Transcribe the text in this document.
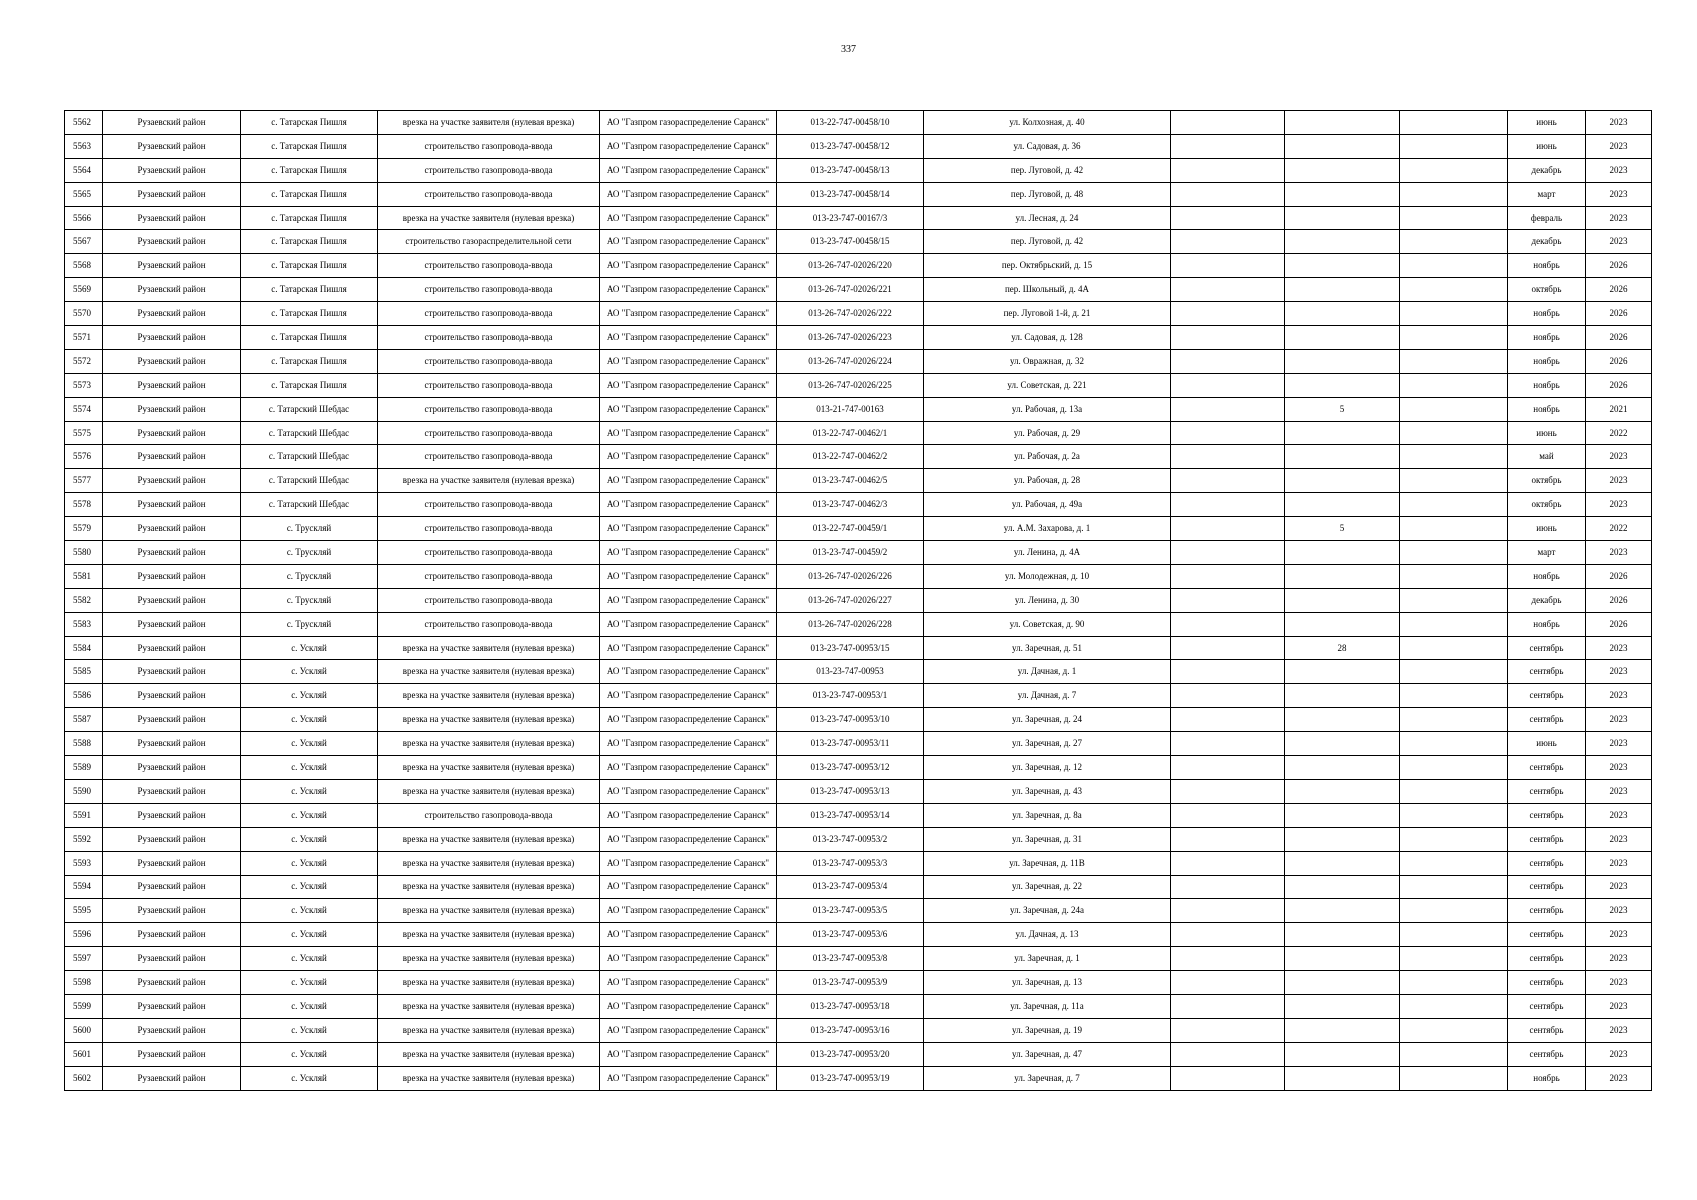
337
5562	Рузаевский район	с. Татарская Пишля	врезка на участке заявителя (нулевая врезка)	АО "Газпром газораспределение Саранск"	013-22-747-00458/10	ул. Колхозная, д. 40				июнь	2023
5563	Рузаевский район	с. Татарская Пишля	строительство газопровода-ввода	АО "Газпром газораспределение Саранск"	013-23-747-00458/12	ул. Садовая, д. 36				июнь	2023
5564	Рузаевский район	с. Татарская Пишля	строительство газопровода-ввода	АО "Газпром газораспределение Саранск"	013-23-747-00458/13	пер. Луговой, д. 42				декабрь	2023
5565	Рузаевский район	с. Татарская Пишля	строительство газопровода-ввода	АО "Газпром газораспределение Саранск"	013-23-747-00458/14	пер. Луговой, д. 48				март	2023
5566	Рузаевский район	с. Татарская Пишля	врезка на участке заявителя (нулевая врезка)	АО "Газпром газораспределение Саранск"	013-23-747-00167/3	ул. Лесная, д. 24				февраль	2023
5567	Рузаевский район	с. Татарская Пишля	строительство газораспределительной сети	АО "Газпром газораспределение Саранск"	013-23-747-00458/15	пер. Луговой, д. 42				декабрь	2023
5568	Рузаевский район	с. Татарская Пишля	строительство газопровода-ввода	АО "Газпром газораспределение Саранск"	013-26-747-02026/220	пер. Октябрьский, д. 15				ноябрь	2026
5569	Рузаевский район	с. Татарская Пишля	строительство газопровода-ввода	АО "Газпром газораспределение Саранск"	013-26-747-02026/221	пер. Школьный, д. 4А				октябрь	2026
5570	Рузаевский район	с. Татарская Пишля	строительство газопровода-ввода	АО "Газпром газораспределение Саранск"	013-26-747-02026/222	пер. Луговой 1-й, д. 21				ноябрь	2026
5571	Рузаевский район	с. Татарская Пишля	строительство газопровода-ввода	АО "Газпром газораспределение Саранск"	013-26-747-02026/223	ул. Садовая, д. 128				ноябрь	2026
5572	Рузаевский район	с. Татарская Пишля	строительство газопровода-ввода	АО "Газпром газораспределение Саранск"	013-26-747-02026/224	ул. Овражная, д. 32				ноябрь	2026
5573	Рузаевский район	с. Татарская Пишля	строительство газопровода-ввода	АО "Газпром газораспределение Саранск"	013-26-747-02026/225	ул. Советская, д. 221				ноябрь	2026
5574	Рузаевский район	с. Татарский Шебдас	строительство газопровода-ввода	АО "Газпром газораспределение Саранск"	013-21-747-00163	ул. Рабочая, д. 13а		5		ноябрь	2021
5575	Рузаевский район	с. Татарский Шебдас	строительство газопровода-ввода	АО "Газпром газораспределение Саранск"	013-22-747-00462/1	ул. Рабочая, д. 29				июнь	2022
5576	Рузаевский район	с. Татарский Шебдас	строительство газопровода-ввода	АО "Газпром газораспределение Саранск"	013-22-747-00462/2	ул. Рабочая, д. 2а				май	2023
5577	Рузаевский район	с. Татарский Шебдас	врезка на участке заявителя (нулевая врезка)	АО "Газпром газораспределение Саранск"	013-23-747-00462/5	ул. Рабочая, д. 28				октябрь	2023
5578	Рузаевский район	с. Татарский Шебдас	строительство газопровода-ввода	АО "Газпром газораспределение Саранск"	013-23-747-00462/3	ул. Рабочая, д. 49а				октябрь	2023
5579	Рузаевский район	с. Трускляй	строительство газопровода-ввода	АО "Газпром газораспределение Саранск"	013-22-747-00459/1	ул. А.М. Захарова, д. 1		5		июнь	2022
5580	Рузаевский район	с. Трускляй	строительство газопровода-ввода	АО "Газпром газораспределение Саранск"	013-23-747-00459/2	ул. Ленина, д. 4А				март	2023
5581	Рузаевский район	с. Трускляй	строительство газопровода-ввода	АО "Газпром газораспределение Саранск"	013-26-747-02026/226	ул. Молодежная, д. 10				ноябрь	2026
5582	Рузаевский район	с. Трускляй	строительство газопровода-ввода	АО "Газпром газораспределение Саранск"	013-26-747-02026/227	ул. Ленина, д. 30				декабрь	2026
5583	Рузаевский район	с. Трускляй	строительство газопровода-ввода	АО "Газпром газораспределение Саранск"	013-26-747-02026/228	ул. Советская, д. 90				ноябрь	2026
5584	Рузаевский район	с. Ускляй	врезка на участке заявителя (нулевая врезка)	АО "Газпром газораспределение Саранск"	013-23-747-00953/15	ул. Заречная, д. 51		28		сентябрь	2023
5585	Рузаевский район	с. Ускляй	врезка на участке заявителя (нулевая врезка)	АО "Газпром газораспределение Саранск"	013-23-747-00953	ул. Дачная, д. 1				сентябрь	2023
5586	Рузаевский район	с. Ускляй	врезка на участке заявителя (нулевая врезка)	АО "Газпром газораспределение Саранск"	013-23-747-00953/1	ул. Дачная, д. 7				сентябрь	2023
5587	Рузаевский район	с. Ускляй	врезка на участке заявителя (нулевая врезка)	АО "Газпром газораспределение Саранск"	013-23-747-00953/10	ул. Заречная, д. 24				сентябрь	2023
5588	Рузаевский район	с. Ускляй	врезка на участке заявителя (нулевая врезка)	АО "Газпром газораспределение Саранск"	013-23-747-00953/11	ул. Заречная, д. 27				июнь	2023
5589	Рузаевский район	с. Ускляй	врезка на участке заявителя (нулевая врезка)	АО "Газпром газораспределение Саранск"	013-23-747-00953/12	ул. Заречная, д. 12				сентябрь	2023
5590	Рузаевский район	с. Ускляй	врезка на участке заявителя (нулевая врезка)	АО "Газпром газораспределение Саранск"	013-23-747-00953/13	ул. Заречная, д. 43				сентябрь	2023
5591	Рузаевский район	с. Ускляй	строительство газопровода-ввода	АО "Газпром газораспределение Саранск"	013-23-747-00953/14	ул. Заречная, д. 8а				сентябрь	2023
5592	Рузаевский район	с. Ускляй	врезка на участке заявителя (нулевая врезка)	АО "Газпром газораспределение Саранск"	013-23-747-00953/2	ул. Заречная, д. 31				сентябрь	2023
5593	Рузаевский район	с. Ускляй	врезка на участке заявителя (нулевая врезка)	АО "Газпром газораспределение Саранск"	013-23-747-00953/3	ул. Заречная, д. 11В				сентябрь	2023
5594	Рузаевский район	с. Ускляй	врезка на участке заявителя (нулевая врезка)	АО "Газпром газораспределение Саранск"	013-23-747-00953/4	ул. Заречная, д. 22				сентябрь	2023
5595	Рузаевский район	с. Ускляй	врезка на участке заявителя (нулевая врезка)	АО "Газпром газораспределение Саранск"	013-23-747-00953/5	ул. Заречная, д. 24а				сентябрь	2023
5596	Рузаевский район	с. Ускляй	врезка на участке заявителя (нулевая врезка)	АО "Газпром газораспределение Саранск"	013-23-747-00953/6	ул. Дачная, д. 13				сентябрь	2023
5597	Рузаевский район	с. Ускляй	врезка на участке заявителя (нулевая врезка)	АО "Газпром газораспределение Саранск"	013-23-747-00953/8	ул. Заречная, д. 1				сентябрь	2023
5598	Рузаевский район	с. Ускляй	врезка на участке заявителя (нулевая врезка)	АО "Газпром газораспределение Саранск"	013-23-747-00953/9	ул. Заречная, д. 13				сентябрь	2023
5599	Рузаевский район	с. Ускляй	врезка на участке заявителя (нулевая врезка)	АО "Газпром газораспределение Саранск"	013-23-747-00953/18	ул. Заречная, д. 11а				сентябрь	2023
5600	Рузаевский район	с. Ускляй	врезка на участке заявителя (нулевая врезка)	АО "Газпром газораспределение Саранск"	013-23-747-00953/16	ул. Заречная, д. 19				сентябрь	2023
5601	Рузаевский район	с. Ускляй	врезка на участке заявителя (нулевая врезка)	АО "Газпром газораспределение Саранск"	013-23-747-00953/20	ул. Заречная, д. 47				сентябрь	2023
5602	Рузаевский район	с. Ускляй	врезка на участке заявителя (нулевая врезка)	АО "Газпром газораспределение Саранск"	013-23-747-00953/19	ул. Заречная, д. 7				ноябрь	2023
